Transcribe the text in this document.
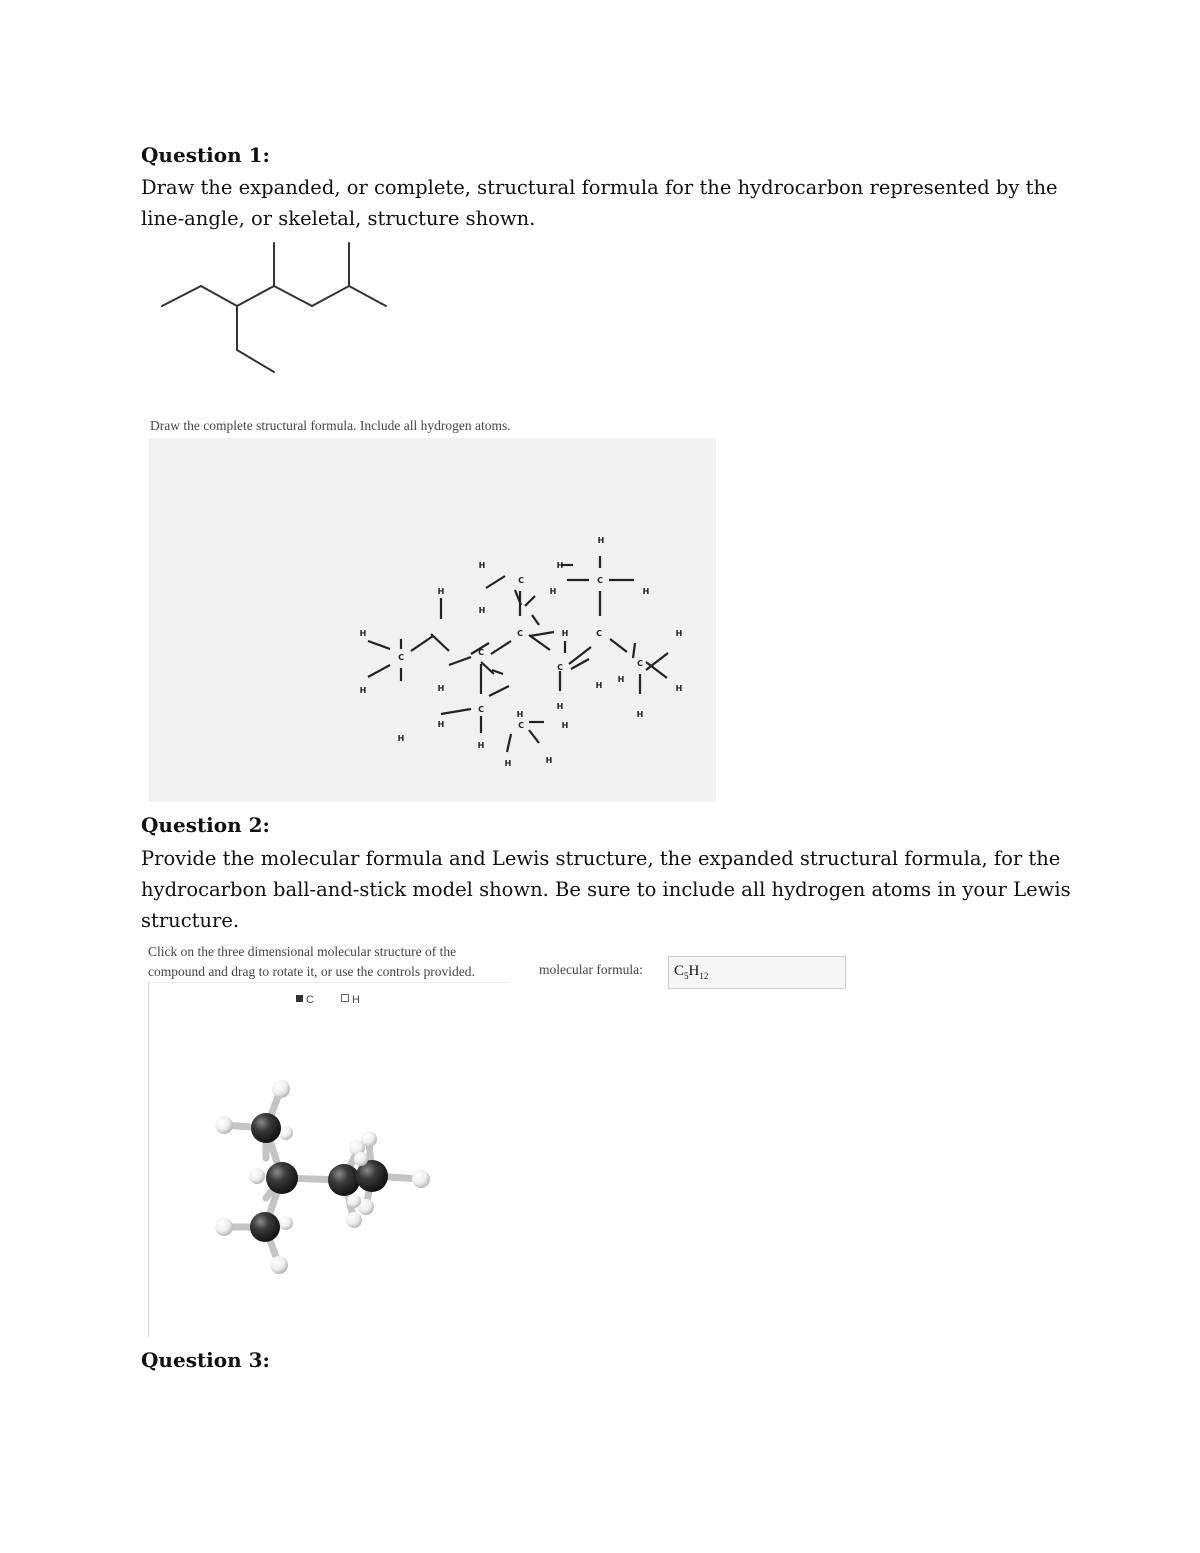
Question 1:
Draw the expanded, or complete, structural formula for the hydrocarbon represented by the
line-angle, or skeletal, structure shown.
Draw the complete structural formula. Include all hydrogen atoms.
C
C
C
C
C
C
C
C
C
C
H
H
H
H
H
H
H
H
H
H
H
H
H
H
H
H
H
H
H
H
H
H
H
H
Question 2:
Provide the molecular formula and Lewis structure, the expanded structural formula, for the
hydrocarbon ball-and-stick model shown. Be sure to include all hydrogen atoms in your Lewis
structure.
Click on the three dimensional molecular structure of the
compound and drag to rotate it, or use the controls provided.	molecular formula: $C_5H_{12}$
C	H
Question 3:
